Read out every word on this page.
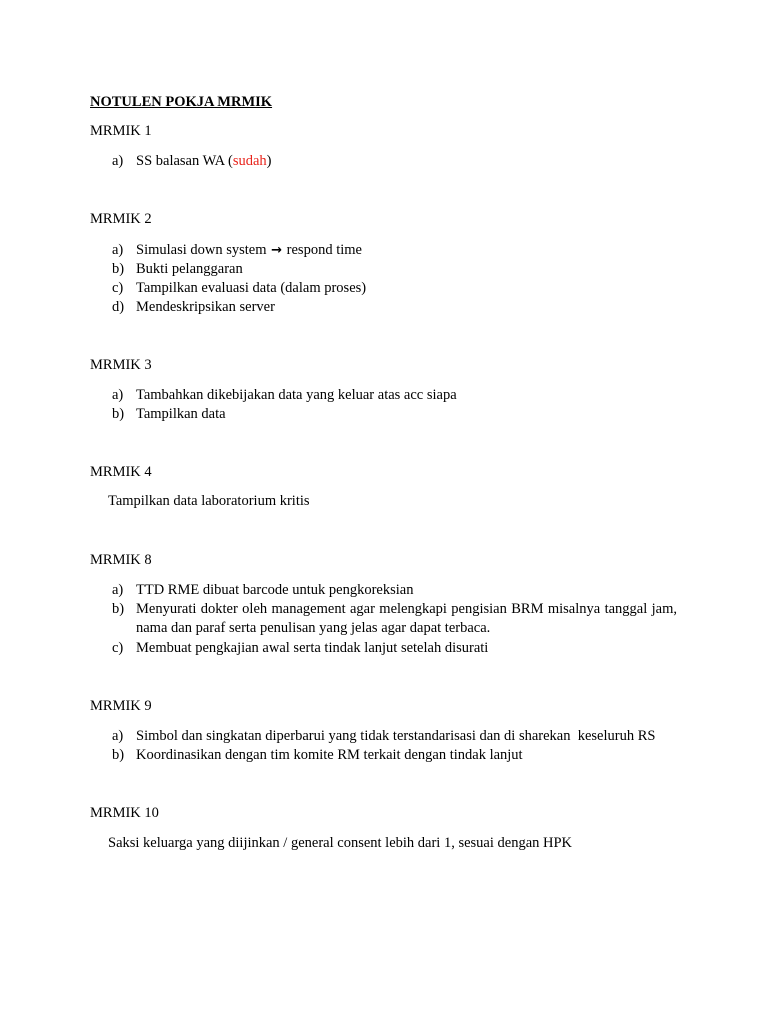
NOTULEN POKJA MRMIK
MRMIK 1
a) SS balasan WA (sudah)
MRMIK 2
a) Simulasi down system → respond time
b) Bukti pelanggaran
c) Tampilkan evaluasi data (dalam proses)
d) Mendeskripsikan server
MRMIK 3
a) Tambahkan dikebijakan data yang keluar atas acc siapa
b) Tampilkan data
MRMIK 4
Tampilkan data laboratorium kritis
MRMIK 8
a) TTD RME dibuat barcode untuk pengkoreksian
b) Menyurati dokter oleh management agar melengkapi pengisian BRM misalnya tanggal jam, nama dan paraf serta penulisan yang jelas agar dapat terbaca.
c) Membuat pengkajian awal serta tindak lanjut setelah disurati
MRMIK 9
a) Simbol dan singkatan diperbarui yang tidak terstandarisasi dan di sharekan  keseluruh RS
b) Koordinasikan dengan tim komite RM terkait dengan tindak lanjut
MRMIK 10
Saksi keluarga yang diijinkan / general consent lebih dari 1, sesuai dengan HPK
